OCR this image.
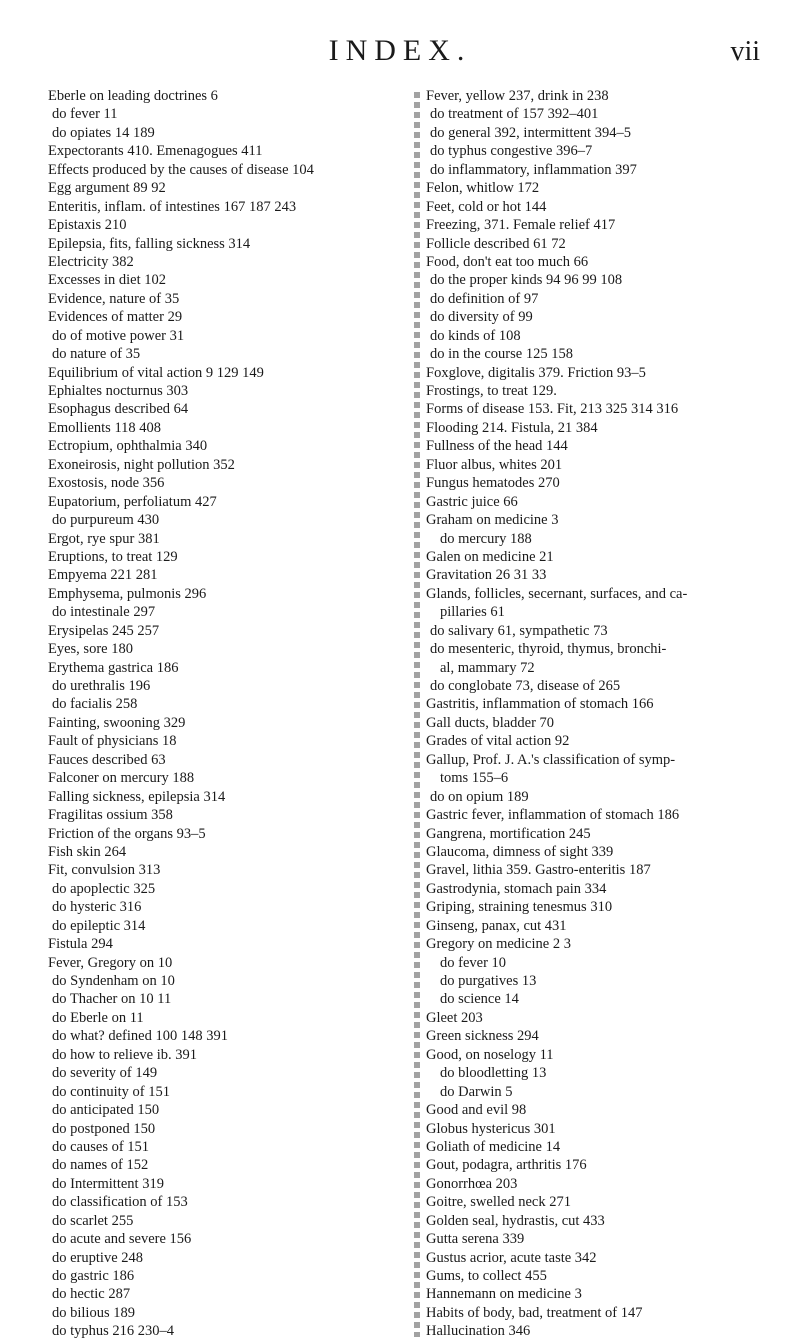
INDEX.	vii
Eberle on leading doctrines 6
do fever 11
do opiates 14 189
Expectorants 410. Emenagogues 411
Effects produced by the causes of disease 104
Egg argument 89 92
Enteritis, inflam. of intestines 167 187 243
Epistaxis 210
Epilepsia, fits, falling sickness 314
Electricity 382
Excesses in diet 102
Evidence, nature of 35
Evidences of matter 29
do of motive power 31
do nature of 35
Equilibrium of vital action 9 129 149
Ephialtes nocturnus 303
Esophagus described 64
Emollients 118 408
Ectropium, ophthalmia 340
Exoneirosis, night pollution 352
Exostosis, node 356
Eupatorium, perfoliatum 427
do purpureum 430
Ergot, rye spur 381
Eruptions, to treat 129
Empyema 221 281
Emphysema, pulmonis 296
do intestinale 297
Erysipelas 245 257
Eyes, sore 180
Erythema gastrica 186
do urethralis 196
do facialis 258
Fainting, swooning 329
Fault of physicians 18
Fauces described 63
Falconer on mercury 188
Falling sickness, epilepsia 314
Fragilitas ossium 358
Friction of the organs 93–5
Fish skin 264
Fit, convulsion 313
do apoplectic 325
do hysteric 316
do epileptic 314
Fistula 294
Fever, Gregory on 10
do Syndenham on 10
do Thacher on 10 11
do Eberle on 11
do what? defined 100 148 391
do how to relieve ib. 391
do severity of 149
do continuity of 151
do anticipated 150
do postponed 150
do causes of 151
do names of 152
do Intermittent 319
do classification of 153
do scarlet 255
do acute and severe 156
do eruptive 248
do gastric 186
do hectic 287
do bilious 189
do typhus 216 230–4
Fever, yellow 237, drink in 238
do treatment of 157 392–401
do general 392, intermittent 394–5
do typhus congestive 396–7
do inflammatory, inflammation 397
Felon, whitlow 172
Feet, cold or hot 144
Freezing, 371. Female relief 417
Follicle described 61 72
Food, don't eat too much 66
do the proper kinds 94 96 99 108
do definition of 97
do diversity of 99
do kinds of 108
do in the course 125 158
Foxglove, digitalis 379. Friction 93–5
Frostings, to treat 129.
Forms of disease 153. Fit, 213 325 314 316
Flooding 214. Fistula, 21 384
Fullness of the head 144
Fluor albus, whites 201
Fungus hematodes 270
Gastric juice 66
Graham on medicine 3
do mercury 188
Galen on medicine 21
Gravitation 26 31 33
Glands, follicles, secernant, surfaces, and ca-
pillaries 61
do salivary 61, sympathetic 73
do mesenteric, thyroid, thymus, bronchi-
al, mammary 72
do conglobate 73, disease of 265
Gastritis, inflammation of stomach 166
Gall ducts, bladder 70
Grades of vital action 92
Gallup, Prof. J. A.'s classification of symp-
toms 155–6
do on opium 189
Gastric fever, inflammation of stomach 186
Gangrena, mortification 245
Glaucoma, dimness of sight 339
Gravel, lithia 359. Gastro-enteritis 187
Gastrodynia, stomach pain 334
Griping, straining tenesmus 310
Ginseng, panax, cut 431
Gregory on medicine 2 3
do fever 10
do purgatives 13
do science 14
Gleet 203
Green sickness 294
Good, on noselogy 11
do bloodletting 13
do Darwin 5
Good and evil 98
Globus hystericus 301
Goliath of medicine 14
Gout, podagra, arthritis 176
Gonorrhœa 203
Goitre, swelled neck 271
Golden seal, hydrastis, cut 433
Gutta serena 339
Gustus acrior, acute taste 342
Gums, to collect 455
Hannemann on medicine 3
Habits of body, bad, treatment of 147
Hallucination 346
